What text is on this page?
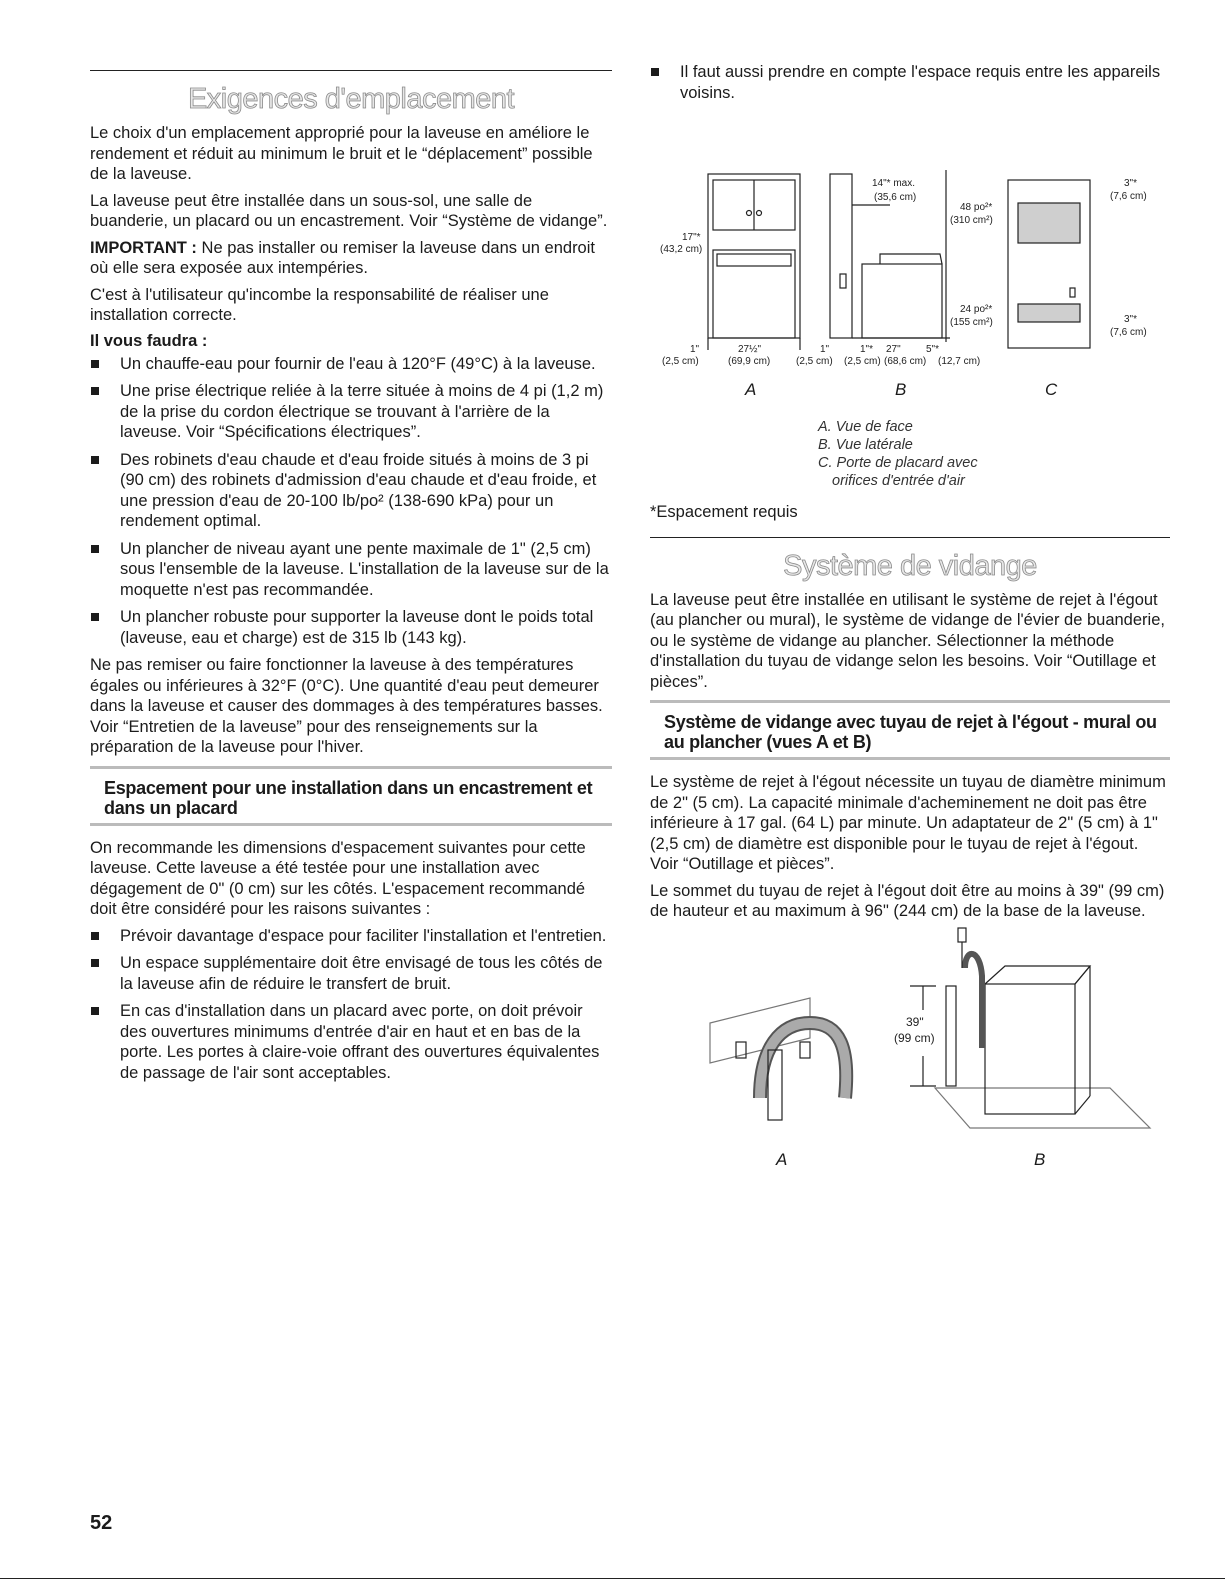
Exigences d'emplacement

Le choix d'un emplacement approprié pour la laveuse en améliore le rendement et réduit au minimum le bruit et le “déplacement” possible de la laveuse.

La laveuse peut être installée dans un sous-sol, une salle de buanderie, un placard ou un encastrement. Voir “Système de vidange”.

IMPORTANT : Ne pas installer ou remiser la laveuse dans un endroit où elle sera exposée aux intempéries.

C'est à l'utilisateur qu'incombe la responsabilité de réaliser une installation correcte.

Il vous faudra :
Un chauffe-eau pour fournir de l'eau à 120°F (49°C) à la laveuse.
Une prise électrique reliée à la terre située à moins de 4 pi (1,2 m) de la prise du cordon électrique se trouvant à l'arrière de la laveuse. Voir “Spécifications électriques”.
Des robinets d'eau chaude et d'eau froide situés à moins de 3 pi (90 cm) des robinets d'admission d'eau chaude et d'eau froide, et une pression d'eau de 20-100 lb/po² (138-690 kPa) pour un rendement optimal.
Un plancher de niveau ayant une pente maximale de 1" (2,5 cm) sous l'ensemble de la laveuse. L'installation de la laveuse sur de la moquette n'est pas recommandée.
Un plancher robuste pour supporter la laveuse dont le poids total (laveuse, eau et charge) est de 315 lb (143 kg).

Ne pas remiser ou faire fonctionner la laveuse à des températures égales ou inférieures à 32°F (0°C). Une quantité d'eau peut demeurer dans la laveuse et causer des dommages à des températures basses. Voir “Entretien de la laveuse” pour des renseignements sur la préparation de la laveuse pour l'hiver.

Espacement pour une installation dans un encastrement et dans un placard

On recommande les dimensions d'espacement suivantes pour cette laveuse. Cette laveuse a été testée pour une installation avec dégagement de 0" (0 cm) sur les côtés. L'espacement recommandé doit être considéré pour les raisons suivantes :

Prévoir davantage d'espace pour faciliter l'installation et l'entretien.
Un espace supplémentaire doit être envisagé de tous les côtés de la laveuse afin de réduire le transfert de bruit.
En cas d'installation dans un placard avec porte, on doit prévoir des ouvertures minimums d'entrée d'air en haut et en bas de la porte. Les portes à claire-voie offrant des ouvertures équivalentes de passage de l'air sont acceptables.
Il faut aussi prendre en compte l'espace requis entre les appareils voisins.
17"*
(43,2 cm)
1"
(2,5 cm)
27½"
(69,9 cm)
1"
(2,5 cm)
1"*
(2,5 cm)
27"
(68,6 cm)
5"*
(12,7 cm)
14"* max.
(35,6 cm)
48 po²*
(310 cm²)
24 po²*
(155 cm²)
3"*
(7,6 cm)
3"*
(7,6 cm)
A	B	C
A. Vue de face
B. Vue latérale
C. Porte de placard avec
orifices d'entrée d'air

*Espacement requis

Système de vidange

La laveuse peut être installée en utilisant le système de rejet à l'égout (au plancher ou mural), le système de vidange de l'évier de buanderie, ou le système de vidange au plancher. Sélectionner la méthode d'installation du tuyau de vidange selon les besoins. Voir “Outillage et pièces”.

Système de vidange avec tuyau de rejet à l'égout - mural ou au plancher (vues A et B)

Le système de rejet à l'égout nécessite un tuyau de diamètre minimum de 2" (5 cm). La capacité minimale d'acheminement ne doit pas être inférieure à 17 gal. (64 L) par minute. Un adaptateur de 2" (5 cm) à 1" (2,5 cm) de diamètre est disponible pour le tuyau de rejet à l'égout. Voir “Outillage et pièces”.

Le sommet du tuyau de rejet à l'égout doit être au moins à 39" (99 cm) de hauteur et au maximum à 96" (244 cm) de la base de la laveuse.

39"
(99 cm)
A	B
52
